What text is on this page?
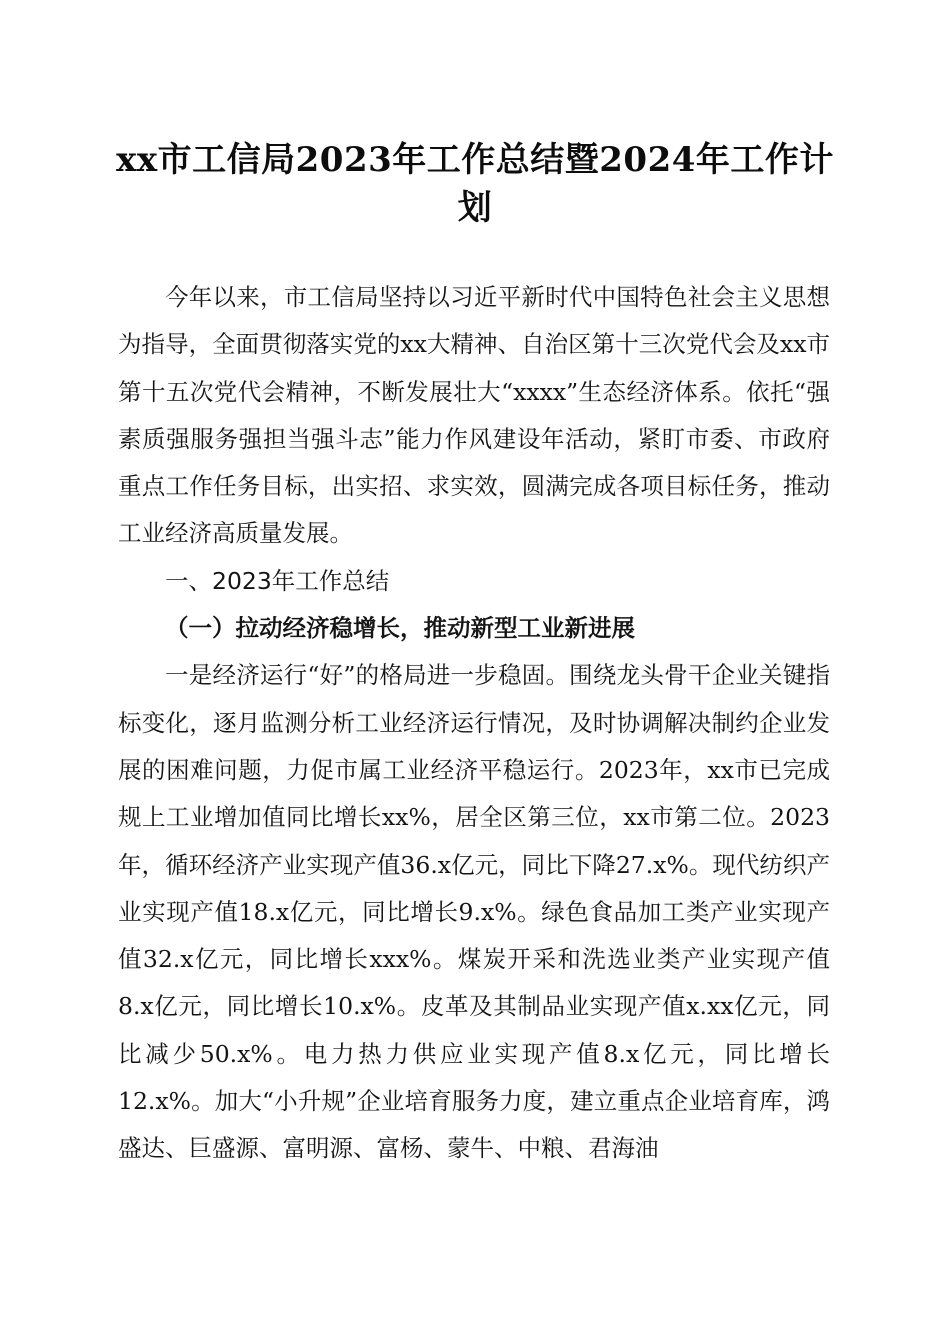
xx市工信局2023年工作总结暨2024年工作计划

今年以来，市工信局坚持以习近平新时代中国特色社会主义思想为指导，全面贯彻落实党的xx大精神、自治区第十三次党代会及xx市第十五次党代会精神，不断发展壮大“xxxx”生态经济体系。依托“强素质强服务强担当强斗志”能力作风建设年活动，紧盯市委、市政府重点工作任务目标，出实招、求实效，圆满完成各项目标任务，推动工业经济高质量发展。

一、2023年工作总结

（一）拉动经济稳增长，推动新型工业新进展

一是经济运行“好”的格局进一步稳固。围绕龙头骨干企业关键指标变化，逐月监测分析工业经济运行情况，及时协调解决制约企业发展的困难问题，力促市属工业经济平稳运行。2023年，xx市已完成规上工业增加值同比增长xx%，居全区第三位，xx市第二位。2023年，循环经济产业实现产值36.x亿元，同比下降27.x%。现代纺织产业实现产值18.x亿元，同比增长9.x%。绿色食品加工类产业实现产值32.x亿元，同比增长xxx%。煤炭开采和洗选业类产业实现产值8.x亿元，同比增长10.x%。皮革及其制品业实现产值x.xx亿元，同比减少50.x%。电力热力供应业实现产值8.x亿元，同比增长12.x%。加大“小升规”企业培育服务力度，建立重点企业培育库，鸿盛达、巨盛源、富明源、富杨、蒙牛、中粮、君海油
